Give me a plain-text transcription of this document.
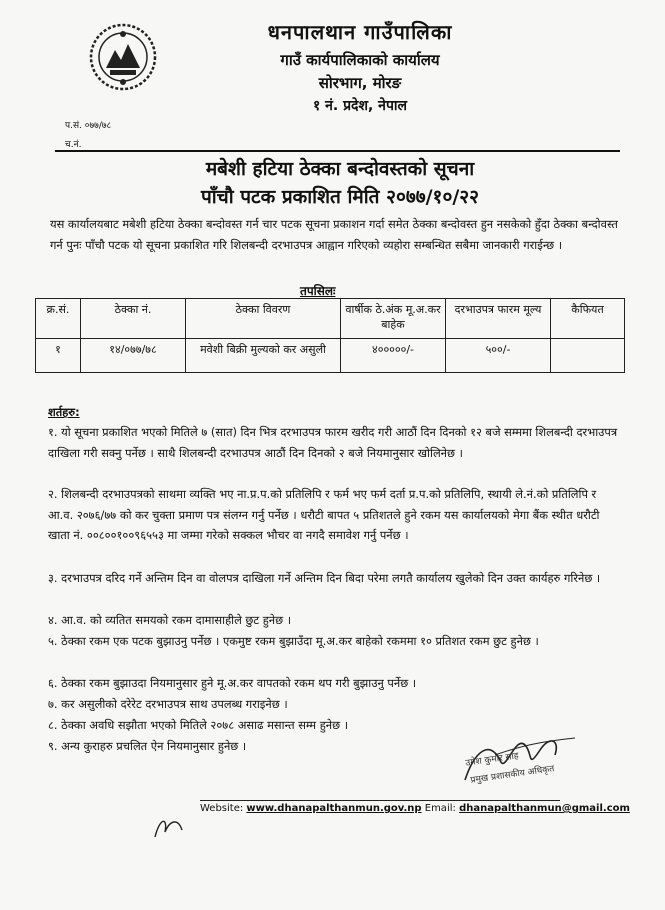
धनपालथान गाउँपालिका
गाउँ कार्यपालिकाको कार्यालय
सोरभाग, मोरङ
१ नं. प्रदेश, नेपाल
प.सं. ०७७/७८
च.नं.
मबेशी हटिया ठेक्का बन्दोवस्तको सूचना
पाँचौ पटक प्रकाशित मिति २०७७/१०/२२
यस कार्यालयबाट मबेशी हटिया ठेक्का बन्दोवस्त गर्न चार पटक सूचना प्रकाशन गर्दा समेत ठेक्का बन्दोवस्त हुन नसकेको हुँदा ठेक्का बन्दोवस्त गर्न पुनः पाँचौ पटक यो सूचना प्रकाशित गरि शिलबन्दी दरभाउपत्र आह्वान गरिएको व्यहोरा सम्बन्धित सबैमा जानकारी गराईन्छ ।
तपसिलः
क्र.सं.	ठेक्का नं.	ठेक्का विवरण	वार्षीक ठे.अंक मू.अ.कर बाहेक	दरभाउपत्र फारम मूल्य	कैफियत
१	१४/०७७/७८	मवेशी बिक्री मुल्यको कर असुली	४०००००/-	५००/-	
शर्तहरु:
१. यो सूचना प्रकाशित भएको मितिले ७ (सात) दिन भित्र दरभाउपत्र फारम खरीद गरी आठौं दिन दिनको १२ बजे सम्ममा शिलबन्दी दरभाउपत्र दाखिला गरी सक्नु पर्नेछ । साथै शिलबन्दी दरभाउपत्र आठौं दिन दिनको २ बजे नियमानुसार खोलिनेछ ।
२. शिलबन्दी दरभाउपत्रको साथमा व्यक्ति भए ना.प्र.प.को प्रतिलिपि र फर्म भए फर्म दर्ता प्र.प.को प्रतिलिपि, स्थायी ले.नं.को प्रतिलिपि र आ.व. २०७६/७७ को कर चुक्ता प्रमाण पत्र संलग्न गर्नु पर्नेछ । धरौटी बापत ५ प्रतिशतले हुने रकम यस कार्यालयको मेगा बैंक स्थीत धरौटी खाता नं. ००८००१००९६५५३ मा जम्मा गरेको सक्कल भौचर वा नगदै समावेश गर्नु पर्नेछ ।
३. दरभाउपत्र दरिद गर्ने अन्तिम दिन वा वोलपत्र दाखिला गर्ने अन्तिम दिन बिदा परेमा लगतै कार्यालय खुलेको दिन उक्त कार्यहरु गरिनेछ ।
४. आ.व. को व्यतित समयको रकम दामासाहीले छुट हुनेछ ।
५. ठेक्का रकम एक पटक बुझाउनु पर्नेछ । एकमुष्ट रकम बुझाउँदा मू.अ.कर बाहेको रकममा १० प्रतिशत रकम छुट हुनेछ ।
६. ठेक्का रकम बुझाउदा नियमानुसार हुने मू.अ.कर वापतको रकम थप गरी बुझाउनु पर्नेछ ।
७. कर असुलीको दरेरेट दरभाउपत्र साथ उपलब्ध गराइनेछ ।
८. ठेक्का अवधि सझौता भएको मितिले २०७८ असाढ मसान्त सम्म हुनेछ ।
९. अन्य कुराहरु प्रचलित ऐन नियमानुसार हुनेछ ।
उमेश कुमार साह
प्रमुख प्रशासकीय अधिकृत
Website: www.dhanapalthanmun.gov.np Email: dhanapalthanmun@gmail.com
